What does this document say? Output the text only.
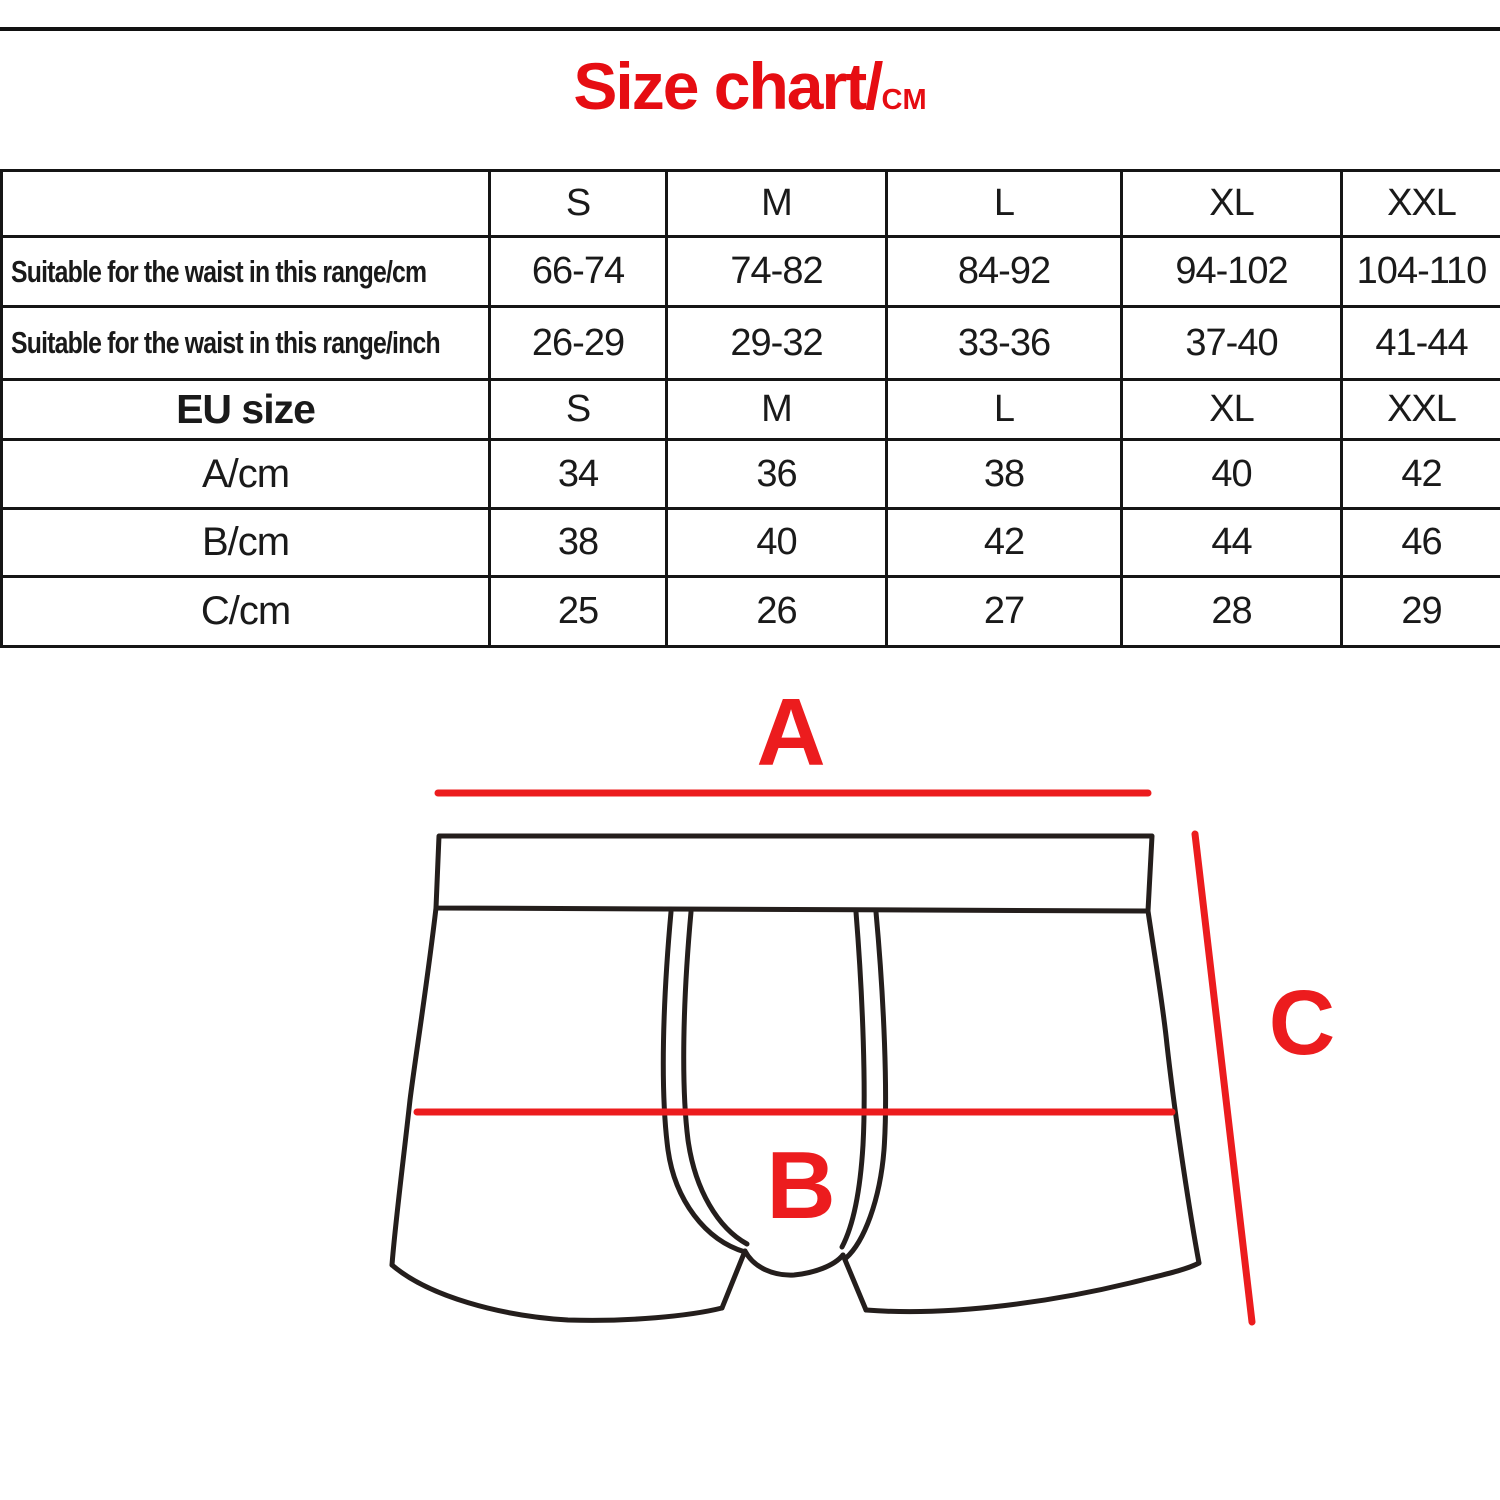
Size chart/CM
	S	M	L	XL	XXL
Suitable for the waist in this range/cm	66-74	74-82	84-92	94-102	104-110
Suitable for the waist in this range/inch	26-29	29-32	33-36	37-40	41-44
EU size	S	M	L	XL	XXL
A/cm	34	36	38	40	42
B/cm	38	40	42	44	46
C/cm	25	26	27	28	29
A
B
C
